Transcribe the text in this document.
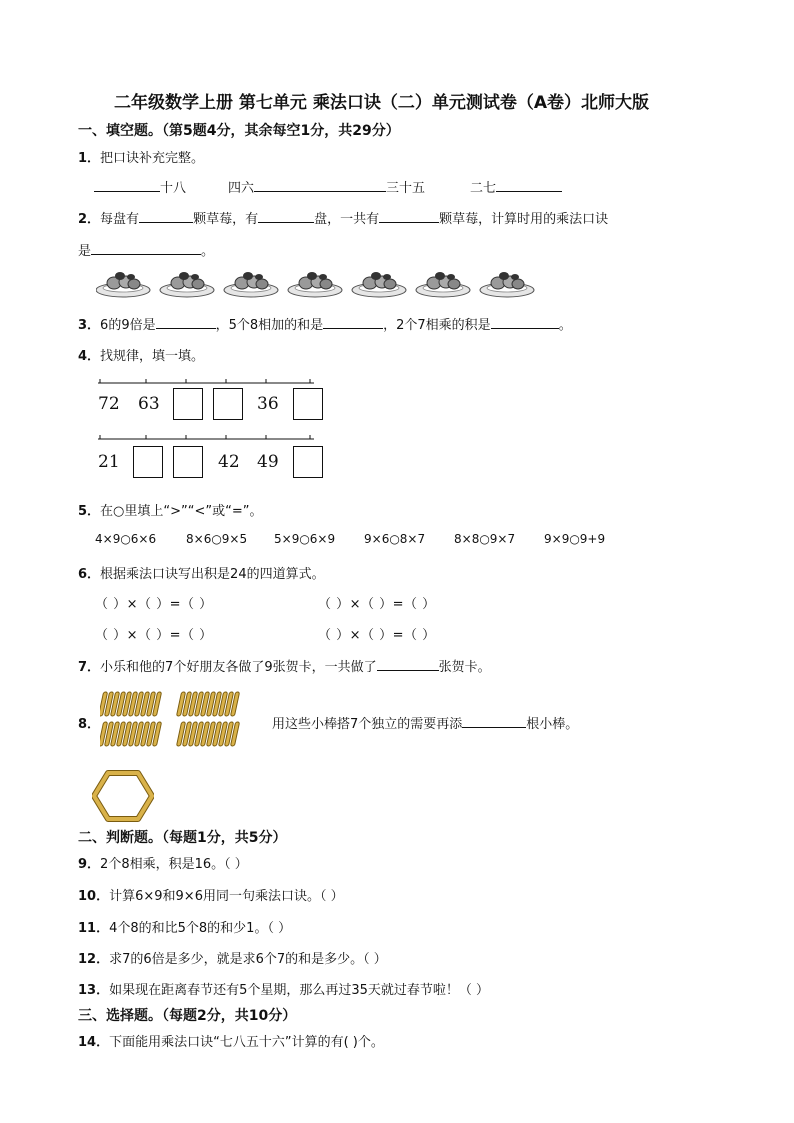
二年级数学上册 第七单元 乘法口诀（二）单元测试卷（A卷）北师大版
一、填空题。（第5题4分，其余每空1分，共29分）
1．把口诀补充完整。
十八	四六	三十五	二七
2．每盘有	颗草莓，有	盘，一共有	颗草莓，计算时用的乘法口诀
是	。
3．6的9倍是	，5个8相加的和是	，2个7相乘的积是	。
4．找规律，填一填。
72 63	36
21	42 49
5．在○里填上“>”“<”或“=”。
4×9○6×6 8×6○9×5 5×9○6×9 9×6○8×7 8×8○9×7 9×9○9+9
6．根据乘法口诀写出积是24的四道算式。
（ ）×（ ）=（ ）	（ ）×（ ）=（ ）
（ ）×（ ）=（ ）	（ ）×（ ）=（ ）
7．小乐和他的7个好朋友各做了9张贺卡，一共做了	张贺卡。
8．	用这些小棒搭7个独立的需要再添	根小棒。
二、判断题。（每题1分，共5分）
9．2个8相乘，积是16。（ ）
10．计算6×9和9×6用同一句乘法口诀。（ ）
11．4个8的和比5个8的和少1。（ ）
12．求7的6倍是多少，就是求6个7的和是多少。（ ）
13．如果现在距离春节还有5个星期，那么再过35天就过春节啦！（ ）
三、选择题。（每题2分，共10分）
14．下面能用乘法口诀“七八五十六”计算的有( )个。
